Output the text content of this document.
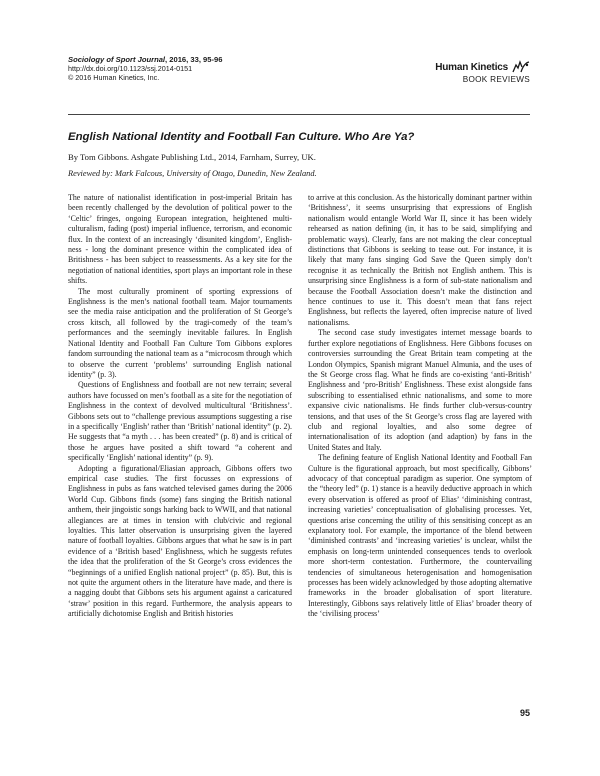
Sociology of Sport Journal, 2016, 33, 95-96
http://dx.doi.org/10.1123/ssj.2014-0151
© 2016 Human Kinetics, Inc.
Human Kinetics
BOOK REVIEWS
English National Identity and Football Fan Culture. Who Are Ya?
By Tom Gibbons. Ashgate Publishing Ltd., 2014, Farnham, Surrey, UK.
Reviewed by: Mark Falcous, University of Otago, Dunedin, New Zealand.

The nature of nationalist identification in post-imperial Britain has been recently challenged by the devolution of political power to the ‘Celtic’ fringes, ongoing European integration, heightened multi-culturalism, fading (post) imperial influence, terrorism, and economic flux. In the context of an increasingly ‘disunited kingdom’, English-ness - long the dominant presence within the complicated idea of Britishness - has been subject to reassessments. As a key site for the negotiation of national identities, sport plays an important role in these shifts.

The most culturally prominent of sporting expressions of Englishness is the men’s national football team. Major tournaments see the media raise anticipation and the proliferation of St George’s cross kitsch, all followed by the tragi-comedy of the team’s performances and the seemingly inevitable failures. In English National Identity and Football Fan Culture Tom Gibbons explores fandom surrounding the national team as a “microcosm through which to observe the current ‘problems’ surrounding English national identity” (p. 3).

Questions of Englishness and football are not new terrain; several authors have focussed on men’s football as a site for the negotiation of Englishness in the context of devolved multicultural ‘Britishness’. Gibbons sets out to “challenge previous assumptions suggesting a rise in a specifically ‘English’ rather than ‘British’ national identity” (p. 2). He suggests that “a myth . . . has been created” (p. 8) and is critical of those he argues have posited a shift toward “a coherent and specifically ‘English’ national identity” (p. 9).

Adopting a figurational/Eliasian approach, Gibbons offers two empirical case studies. The first focusses on expressions of Englishness in pubs as fans watched televised games during the 2006 World Cup. Gibbons finds (some) fans singing the British national anthem, their jingoistic songs harking back to WWII, and that national allegiances are at times in tension with club/civic and regional loyalties. This latter observation is unsurprising given the layered nature of football loyalties. Gibbons argues that what he saw is in part evidence of a ‘British based’ Englishness, which he suggests refutes the idea that the proliferation of the St George’s cross evidences the “beginnings of a unified English national project” (p. 85). But, this is not quite the argument others in the literature have made, and there is a nagging doubt that Gibbons sets his argument against a caricatured ‘straw’ position in this regard. Furthermore, the analysis appears to artificially dichotomise English and British histories

to arrive at this conclusion. As the historically dominant partner within ‘Britishness’, it seems unsurprising that expressions of English nationalism would entangle World War II, since it has been widely rehearsed as nation defining (in, it has to be said, simplifying and problematic ways). Clearly, fans are not making the clear conceptual distinctions that Gibbons is seeking to tease out. For instance, it is likely that many fans singing God Save the Queen simply don’t recognise it as technically the British not English anthem. This is unsurprising since Englishness is a form of sub-state nationalism and because the Football Association doesn’t make the distinction and hence continues to use it. This doesn’t mean that fans reject Englishness, but reflects the layered, often imprecise nature of lived nationalisms.

The second case study investigates internet message boards to further explore negotiations of Englishness. Here Gibbons focuses on controversies surrounding the Great Britain team competing at the London Olympics, Spanish migrant Manuel Almunia, and the uses of the St George cross flag. What he finds are co-existing ‘anti-British’ Englishness and ‘pro-British’ Englishness. These exist alongside fans subscribing to essentialised ethnic nationalisms, and some to more expansive civic nationalisms. He finds further club-versus-country tensions, and that uses of the St George’s cross flag are layered with club and regional loyalties, and also some degree of internationalisation of its adoption (and adaption) by fans in the United States and Italy.

The defining feature of English National Identity and Football Fan Culture is the figurational approach, but most specifically, Gibbons’ advocacy of that conceptual paradigm as superior. One symptom of the “theory led” (p. 1) stance is a heavily deductive approach in which every observation is offered as proof of Elias’ ‘diminishing contrast, increasing varieties’ conceptualisation of globalising processes. Yet, questions arise concerning the utility of this sensitising concept as an explanatory tool. For example, the importance of the blend between ‘diminished contrasts’ and ‘increasing varieties’ is unclear, whilst the emphasis on long-term unintended consequences tends to overlook more short-term contestation. Furthermore, the countervailing tendencies of simultaneous heterogenisation and homogenisation processes has been widely acknowledged by those adopting alternative frameworks in the broader globalisation of sport literature. Interestingly, Gibbons says relatively little of Elias’ broader theory of the ‘civilising process’

95
